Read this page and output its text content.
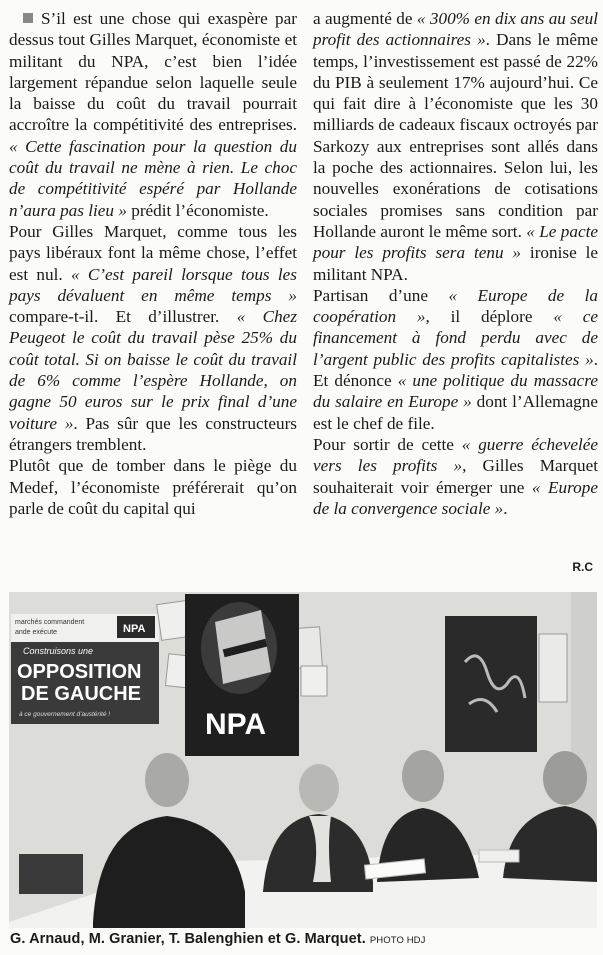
S’il est une chose qui exaspère par dessus tout Gilles Marquet, économiste et militant du NPA, c’est bien l’idée largement répandue selon laquelle seule la baisse du coût du travail pourrait accroître la compétitivité des entreprises. « Cette fascination pour la question du coût du travail ne mène à rien. Le choc de compétitivité espéré par Hollande n’aura pas lieu » prédit l’économiste.

Pour Gilles Marquet, comme tous les pays libéraux font la même chose, l’effet est nul. « C’est pareil lorsque tous les pays dévaluent en même temps » compare-t-il. Et d’illustrer. « Chez Peugeot le coût du travail pèse 25% du coût total. Si on baisse le coût du travail de 6% comme l’espère Hollande, on gagne 50 euros sur le prix final d’une voiture ». Pas sûr que les constructeurs étrangers tremblent.

Plutôt que de tomber dans le piège du Medef, l’économiste préférerait qu’on parle de coût du capital qui

a augmenté de « 300% en dix ans au seul profit des actionnaires ». Dans le même temps, l’investissement est passé de 22% du PIB à seulement 17% aujourd’hui. Ce qui fait dire à l’économiste que les 30 milliards de cadeaux fiscaux octroyés par Sarkozy aux entreprises sont allés dans la poche des actionnaires. Selon lui, les nouvelles exonérations de cotisations sociales promises sans condition par Hollande auront le même sort. « Le pacte pour les profits sera tenu » ironise le militant NPA.

Partisan d’une « Europe de la coopération », il déplore « ce financement à fond perdu avec de l’argent public des profits capitalistes ». Et dénonce « une politique du massacre du salaire en Europe » dont l’Allemagne est le chef de file.

Pour sortir de cette « guerre échevelée vers les profits », Gilles Marquet souhaiterait voir émerger une « Europe de la convergence sociale ».

R.C
marchés commandent
ande exécute	NPA
Construisons une
OPPOSITION
DE GAUCHE
à ce gouvernement d’austérité !	NPA
G. Arnaud, M. Granier, T. Balenghien et G. Marquet. PHOTO HDJ
